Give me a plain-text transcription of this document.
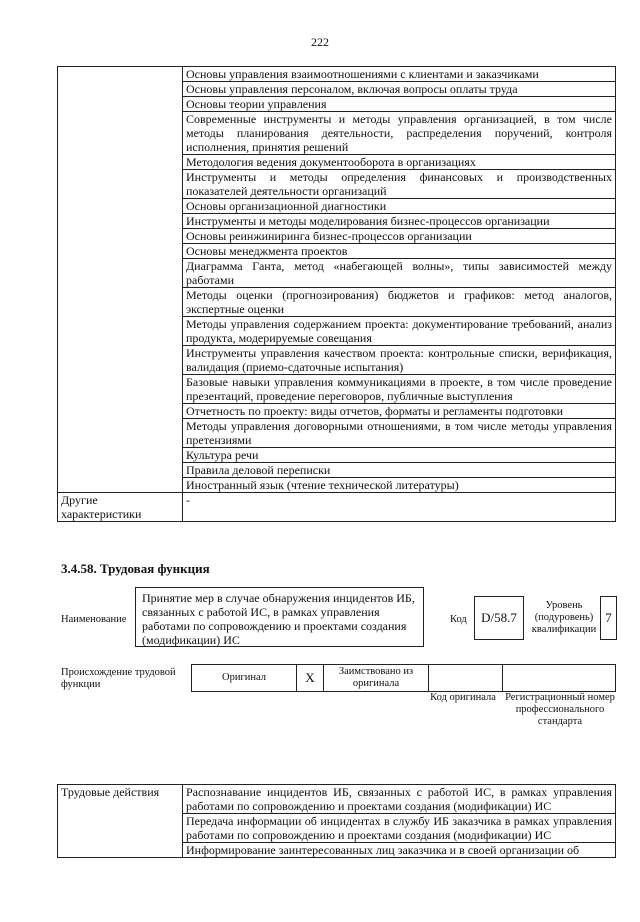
222
	Основы управления взаимоотношениями с клиентами и заказчиками
	Основы управления персоналом, включая вопросы оплаты труда
	Основы теории управления
	Современные инструменты и методы управления организацией, в том числе методы планирования деятельности, распределения поручений, контроля исполнения, принятия решений
	Методология ведения документооборота в организациях
	Инструменты и методы определения финансовых и производственных показателей деятельности организаций
	Основы организационной диагностики
	Инструменты и методы моделирования бизнес-процессов организации
	Основы реинжиниринга бизнес-процессов организации
	Основы менеджмента проектов
	Диаграмма Ганта, метод «набегающей волны», типы зависимостей между работами
	Методы оценки (прогнозирования) бюджетов и графиков: метод аналогов, экспертные оценки
	Методы управления содержанием проекта: документирование требований, анализ продукта, модерируемые совещания
	Инструменты управления качеством проекта: контрольные списки, верификация, валидация (приемо-сдаточные испытания)
	Базовые навыки управления коммуникациями в проекте, в том числе проведение презентаций, проведение переговоров, публичные выступления
	Отчетность по проекту: виды отчетов, форматы и регламенты подготовки
	Методы управления договорными отношениями, в том числе методы управления претензиями
	Культура речи
	Правила деловой переписки
	Иностранный язык (чтение технической литературы)
Другие характеристики	-
3.4.58. Трудовая функция
Наименование
Принятие мер в случае обнаружения инцидентов ИБ, связанных с работой ИС, в рамках управления работами по сопровождению и проектами создания (модификации) ИС
Код	D/58.7
Уровень (подуровень) квалификации
7
Происхождение трудовой функции
Оригинал	X	Заимствовано из оригинала		
Код оригинала Регистрационный номер профессионального стандарта
Трудовые действия	Распознавание инцидентов ИБ, связанных с работой ИС, в рамках управления работами по сопровождению и проектами создания (модификации) ИС
Передача информации об инцидентах в службу ИБ заказчика в рамках управления работами по сопровождению и проектами создания (модификации) ИС
Информирование заинтересованных лиц заказчика и в своей организации об
